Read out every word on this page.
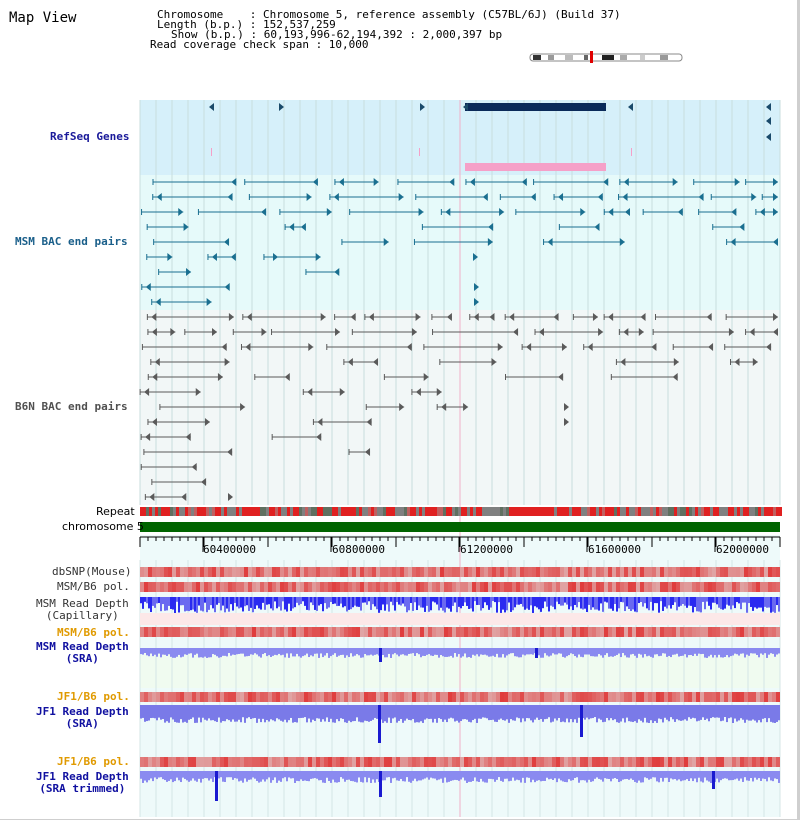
Map View	Chromosome    : Chromosome 5, reference assembly (C57BL/6J) (Build 37)
Length (b.p.) : 152,537,259
Show (b.p.) : 60,193,996-62,194,392 : 2,000,397 bp
Read coverage check span : 10,000
RefSeq Genes
MSM BAC end pairs
B6N BAC end pairs
Repeat
chromosome 5
dbSNP(Mouse)
MSM/B6 pol.
MSM Read Depth
(Capillary)
MSM/B6 pol.
MSM Read Depth
(SRA)
JF1/B6 pol.
JF1 Read Depth
(SRA)
JF1/B6 pol.
JF1 Read Depth
(SRA trimmed)
60400000	60800000	61200000	61600000	62000000
